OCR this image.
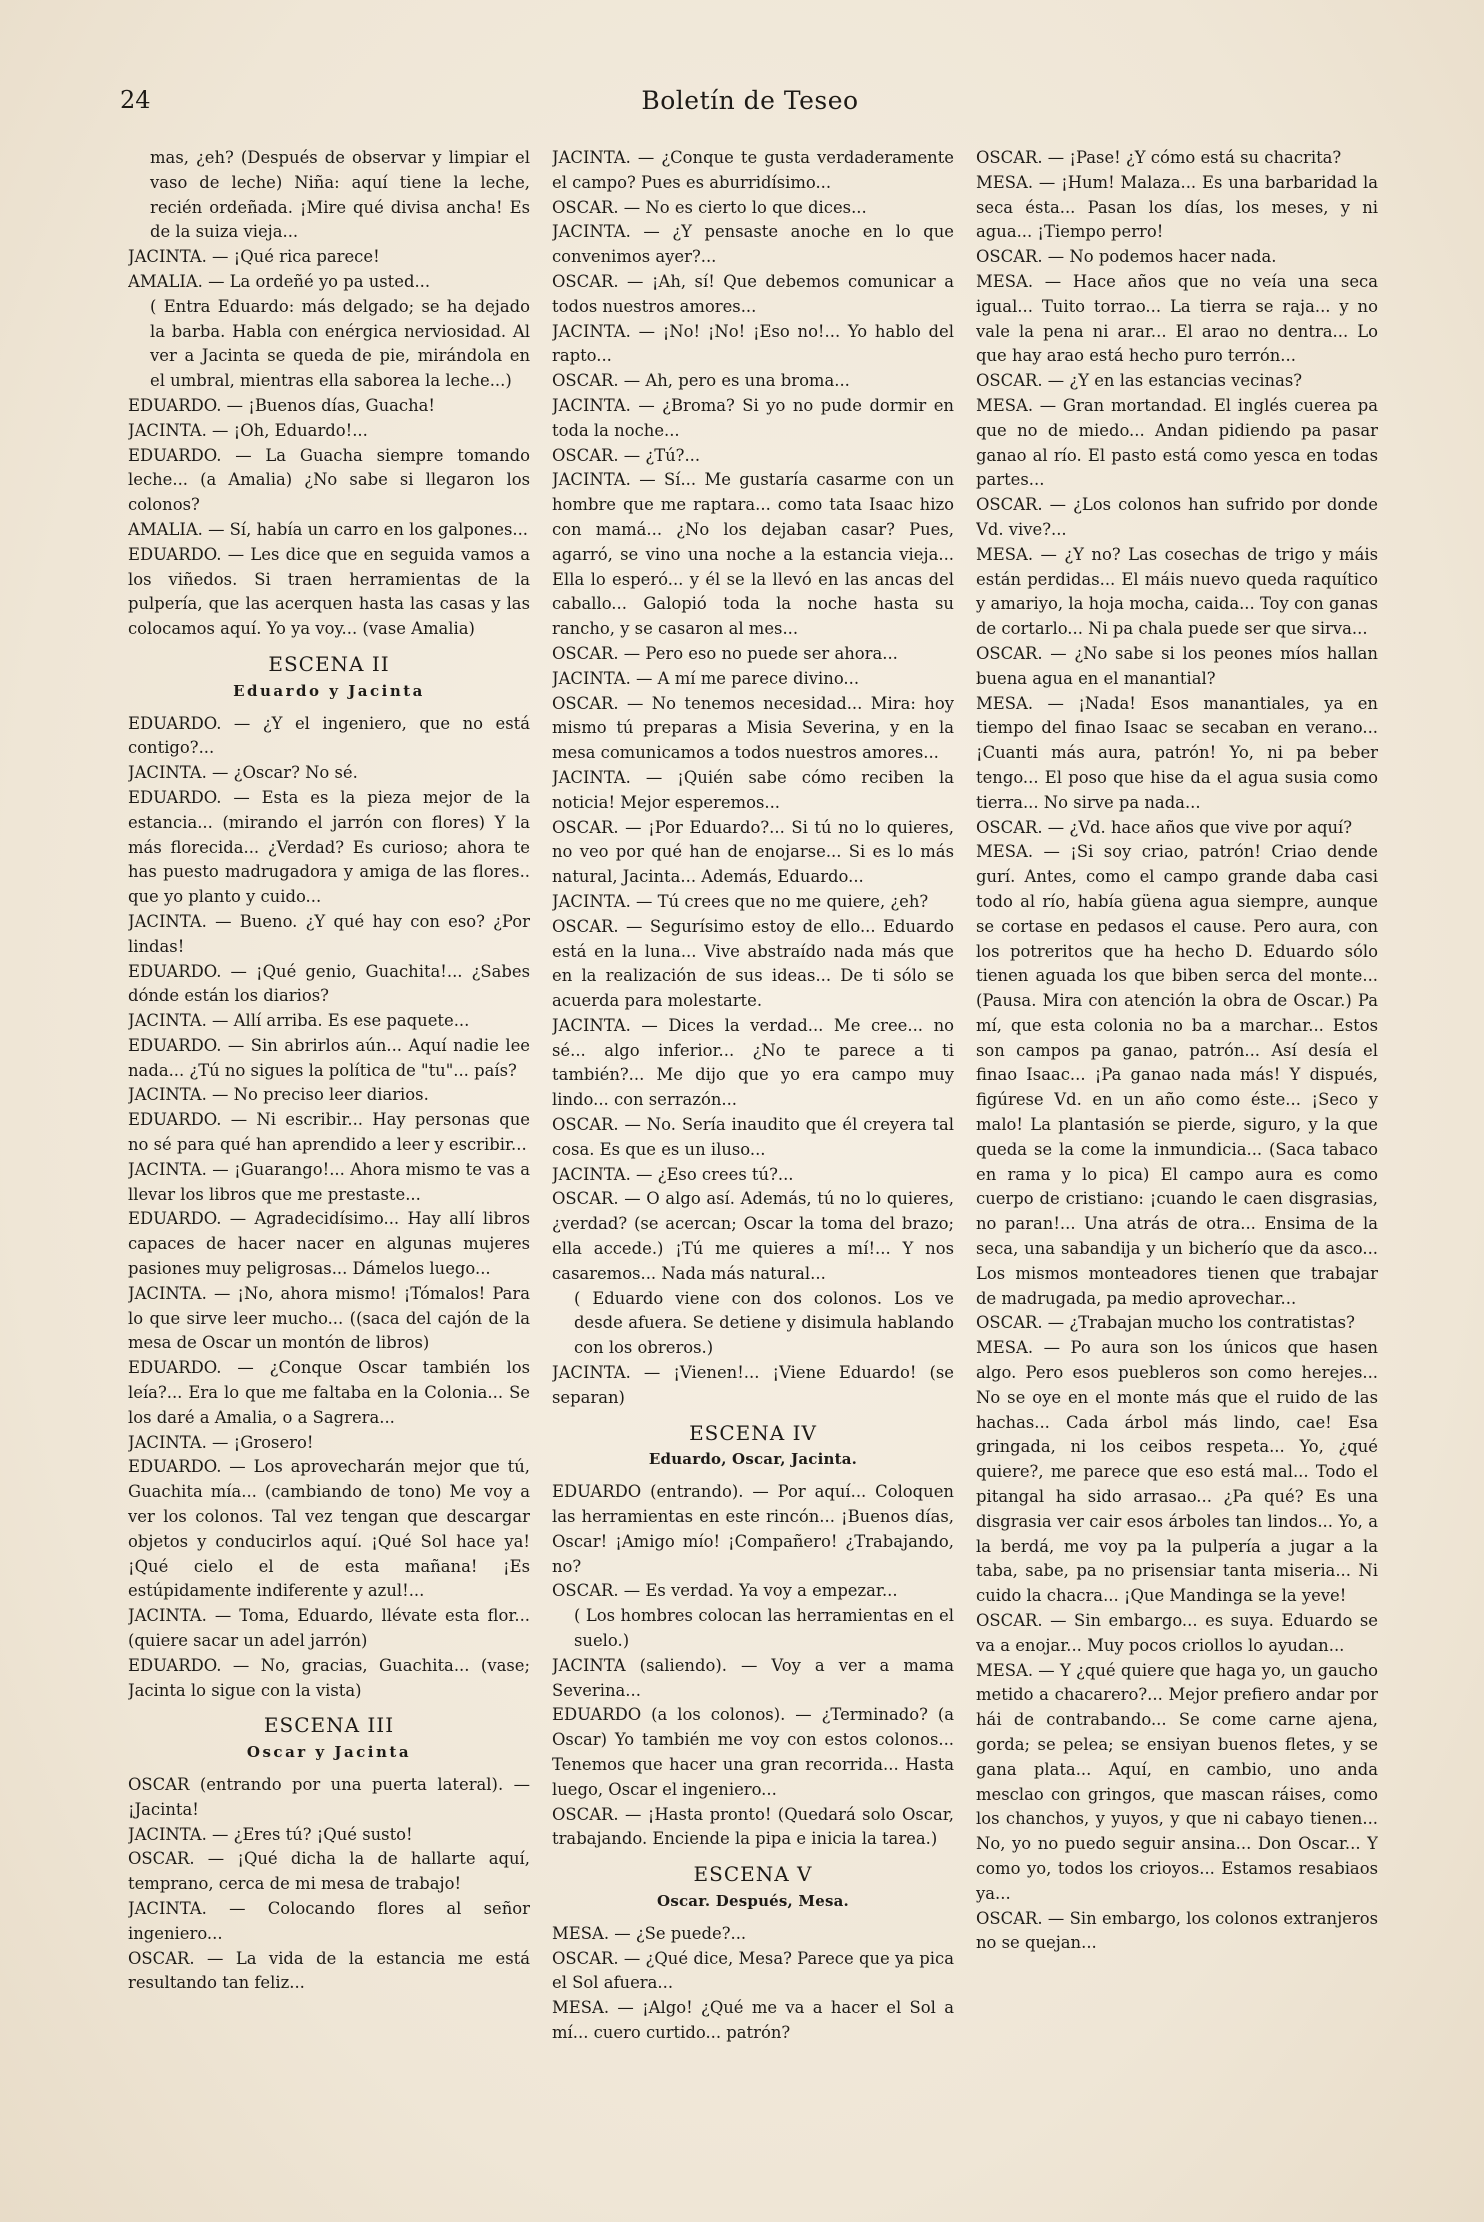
24	Boletín de Teseo

mas, ¿eh? (Después de observar y limpiar el vaso de leche) Niña: aquí tiene la leche, recién ordeñada. ¡Mire qué divisa ancha! Es de la suiza vieja...

JACINTA. — ¡Qué rica parece!

AMALIA. — La ordeñé yo pa usted...

( Entra Eduardo: más delgado; se ha dejado la barba. Habla con enérgica nerviosidad. Al ver a Jacinta se queda de pie, mirándola en el umbral, mientras ella saborea la leche...)

EDUARDO. — ¡Buenos días, Guacha!

JACINTA. — ¡Oh, Eduardo!...

EDUARDO. — La Guacha siempre tomando leche... (a Amalia) ¿No sabe si llegaron los colonos?

AMALIA. — Sí, había un carro en los galpones...

EDUARDO. — Les dice que en seguida vamos a los viñedos. Si traen herramientas de la pulpería, que las acerquen hasta las casas y las colocamos aquí. Yo ya voy... (vase Amalia)

ESCENA II
Eduardo y Jacinta

EDUARDO. — ¿Y el ingeniero, que no está contigo?...

JACINTA. — ¿Oscar? No sé.

EDUARDO. — Esta es la pieza mejor de la estancia... (mirando el jarrón con flores) Y la más florecida... ¿Verdad? Es curioso; ahora te has puesto madrugadora y amiga de las flores.. que yo planto y cuido...

JACINTA. — Bueno. ¿Y qué hay con eso? ¿Por lindas!

EDUARDO. — ¡Qué genio, Guachita!... ¿Sabes dónde están los diarios?

JACINTA. — Allí arriba. Es ese paquete...

EDUARDO. — Sin abrirlos aún... Aquí nadie lee nada... ¿Tú no sigues la política de "tu"... país?

JACINTA. — No preciso leer diarios.

EDUARDO. — Ni escribir... Hay personas que no sé para qué han aprendido a leer y escribir...

JACINTA. — ¡Guarango!... Ahora mismo te vas a llevar los libros que me prestaste...

EDUARDO. — Agradecidísimo... Hay allí libros capaces de hacer nacer en algunas mujeres pasiones muy peligrosas... Dámelos luego...

JACINTA. — ¡No, ahora mismo! ¡Tómalos! Para lo que sirve leer mucho... ((saca del cajón de la mesa de Oscar un montón de libros)

EDUARDO. — ¿Conque Oscar también los leía?... Era lo que me faltaba en la Colonia... Se los daré a Amalia, o a Sagrera...

JACINTA. — ¡Grosero!

EDUARDO. — Los aprovecharán mejor que tú, Guachita mía... (cambiando de tono) Me voy a ver los colonos. Tal vez tengan que descargar objetos y conducirlos aquí. ¡Qué Sol hace ya! ¡Qué cielo el de esta mañana! ¡Es estúpidamente indiferente y azul!...

JACINTA. — Toma, Eduardo, llévate esta flor... (quiere sacar un adel jarrón)

EDUARDO. — No, gracias, Guachita... (vase; Jacinta lo sigue con la vista)

ESCENA III
Oscar y Jacinta

OSCAR (entrando por una puerta lateral). — ¡Jacinta!

JACINTA. — ¿Eres tú? ¡Qué susto!

OSCAR. — ¡Qué dicha la de hallarte aquí, temprano, cerca de mi mesa de trabajo!

JACINTA. — Colocando flores al señor ingeniero...

OSCAR. — La vida de la estancia me está resultando tan feliz...

JACINTA. — ¿Conque te gusta verdaderamente el campo? Pues es aburridísimo...

OSCAR. — No es cierto lo que dices...

JACINTA. — ¿Y pensaste anoche en lo que convenimos ayer?...

OSCAR. — ¡Ah, sí! Que debemos comunicar a todos nuestros amores...

JACINTA. — ¡No! ¡No! ¡Eso no!... Yo hablo del rapto...

OSCAR. — Ah, pero es una broma...

JACINTA. — ¿Broma? Si yo no pude dormir en toda la noche...

OSCAR. — ¿Tú?...

JACINTA. — Sí... Me gustaría casarme con un hombre que me raptara... como tata Isaac hizo con mamá... ¿No los dejaban casar? Pues, agarró, se vino una noche a la estancia vieja... Ella lo esperó... y él se la llevó en las ancas del caballo... Galopió toda la noche hasta su rancho, y se casaron al mes...

OSCAR. — Pero eso no puede ser ahora...

JACINTA. — A mí me parece divino...

OSCAR. — No tenemos necesidad... Mira: hoy mismo tú preparas a Misia Severina, y en la mesa comunicamos a todos nuestros amores...

JACINTA. — ¡Quién sabe cómo reciben la noticia! Mejor esperemos...

OSCAR. — ¡Por Eduardo?... Si tú no lo quieres, no veo por qué han de enojarse... Si es lo más natural, Jacinta... Además, Eduardo...

JACINTA. — Tú crees que no me quiere, ¿eh?

OSCAR. — Segurísimo estoy de ello... Eduardo está en la luna... Vive abstraído nada más que en la realización de sus ideas... De ti sólo se acuerda para molestarte.

JACINTA. — Dices la verdad... Me cree... no sé... algo inferior... ¿No te parece a ti también?... Me dijo que yo era campo muy lindo... con serrazón...

OSCAR. — No. Sería inaudito que él creyera tal cosa. Es que es un iluso...

JACINTA. — ¿Eso crees tú?...

OSCAR. — O algo así. Además, tú no lo quieres, ¿verdad? (se acercan; Oscar la toma del brazo; ella accede.) ¡Tú me quieres a mí!... Y nos casaremos... Nada más natural...

( Eduardo viene con dos colonos. Los ve desde afuera. Se detiene y disimula hablando con los obreros.)

JACINTA. — ¡Vienen!... ¡Viene Eduardo! (se separan)

ESCENA IV
Eduardo, Oscar, Jacinta.

EDUARDO (entrando). — Por aquí... Coloquen las herramientas en este rincón... ¡Buenos días, Oscar! ¡Amigo mío! ¡Compañero! ¿Trabajando, no?

OSCAR. — Es verdad. Ya voy a empezar...

( Los hombres colocan las herramientas en el suelo.)

JACINTA (saliendo). — Voy a ver a mama Severina...

EDUARDO (a los colonos). — ¿Terminado? (a Oscar) Yo también me voy con estos colonos... Tenemos que hacer una gran recorrida... Hasta luego, Oscar el ingeniero...

OSCAR. — ¡Hasta pronto! (Quedará solo Oscar, trabajando. Enciende la pipa e inicia la tarea.)

ESCENA V
Oscar. Después, Mesa.

MESA. — ¿Se puede?...

OSCAR. — ¿Qué dice, Mesa? Parece que ya pica el Sol afuera...

MESA. — ¡Algo! ¿Qué me va a hacer el Sol a mí... cuero curtido... patrón?

OSCAR. — ¡Pase! ¿Y cómo está su chacrita?

MESA. — ¡Hum! Malaza... Es una barbaridad la seca ésta... Pasan los días, los meses, y ni agua... ¡Tiempo perro!

OSCAR. — No podemos hacer nada.

MESA. — Hace años que no veía una seca igual... Tuito torrao... La tierra se raja... y no vale la pena ni arar... El arao no dentra... Lo que hay arao está hecho puro terrón...

OSCAR. — ¿Y en las estancias vecinas?

MESA. — Gran mortandad. El inglés cuerea pa que no de miedo... Andan pidiendo pa pasar ganao al río. El pasto está como yesca en todas partes...

OSCAR. — ¿Los colonos han sufrido por donde Vd. vive?...

MESA. — ¿Y no? Las cosechas de trigo y máis están perdidas... El máis nuevo queda raquítico y amariyo, la hoja mocha, caida... Toy con ganas de cortarlo... Ni pa chala puede ser que sirva...

OSCAR. — ¿No sabe si los peones míos hallan buena agua en el manantial?

MESA. — ¡Nada! Esos manantiales, ya en tiempo del finao Isaac se secaban en verano... ¡Cuanti más aura, patrón! Yo, ni pa beber tengo... El poso que hise da el agua susia como tierra... No sirve pa nada...

OSCAR. — ¿Vd. hace años que vive por aquí?

MESA. — ¡Si soy criao, patrón! Criao dende gurí. Antes, como el campo grande daba casi todo al río, había güena agua siempre, aunque se cortase en pedasos el cause. Pero aura, con los potreritos que ha hecho D. Eduardo sólo tienen aguada los que biben serca del monte... (Pausa. Mira con atención la obra de Oscar.) Pa mí, que esta colonia no ba a marchar... Estos son campos pa ganao, patrón... Así desía el finao Isaac... ¡Pa ganao nada más! Y dispués, figúrese Vd. en un año como éste... ¡Seco y malo! La plantasión se pierde, siguro, y la que queda se la come la inmundicia... (Saca tabaco en rama y lo pica) El campo aura es como cuerpo de cristiano: ¡cuando le caen disgrasias, no paran!... Una atrás de otra... Ensima de la seca, una sabandija y un bicherío que da asco... Los mismos monteadores tienen que trabajar de madrugada, pa medio aprovechar...

OSCAR. — ¿Trabajan mucho los contratistas?

MESA. — Po aura son los únicos que hasen algo. Pero esos puebleros son como herejes... No se oye en el monte más que el ruido de las hachas... Cada árbol más lindo, cae! Esa gringada, ni los ceibos respeta... Yo, ¿qué quiere?, me parece que eso está mal... Todo el pitangal ha sido arrasao... ¿Pa qué? Es una disgrasia ver cair esos árboles tan lindos... Yo, a la berdá, me voy pa la pulpería a jugar a la taba, sabe, pa no prisensiar tanta miseria... Ni cuido la chacra... ¡Que Mandinga se la yeve!

OSCAR. — Sin embargo... es suya. Eduardo se va a enojar... Muy pocos criollos lo ayudan...

MESA. — Y ¿qué quiere que haga yo, un gaucho metido a chacarero?... Mejor prefiero andar por hái de contrabando... Se come carne ajena, gorda; se pelea; se ensiyan buenos fletes, y se gana plata... Aquí, en cambio, uno anda mesclao con gringos, que mascan ráises, como los chanchos, y yuyos, y que ni cabayo tienen... No, yo no puedo seguir ansina... Don Oscar... Y como yo, todos los crioyos... Estamos resabiaos ya...

OSCAR. — Sin embargo, los colonos extranjeros no se quejan...
